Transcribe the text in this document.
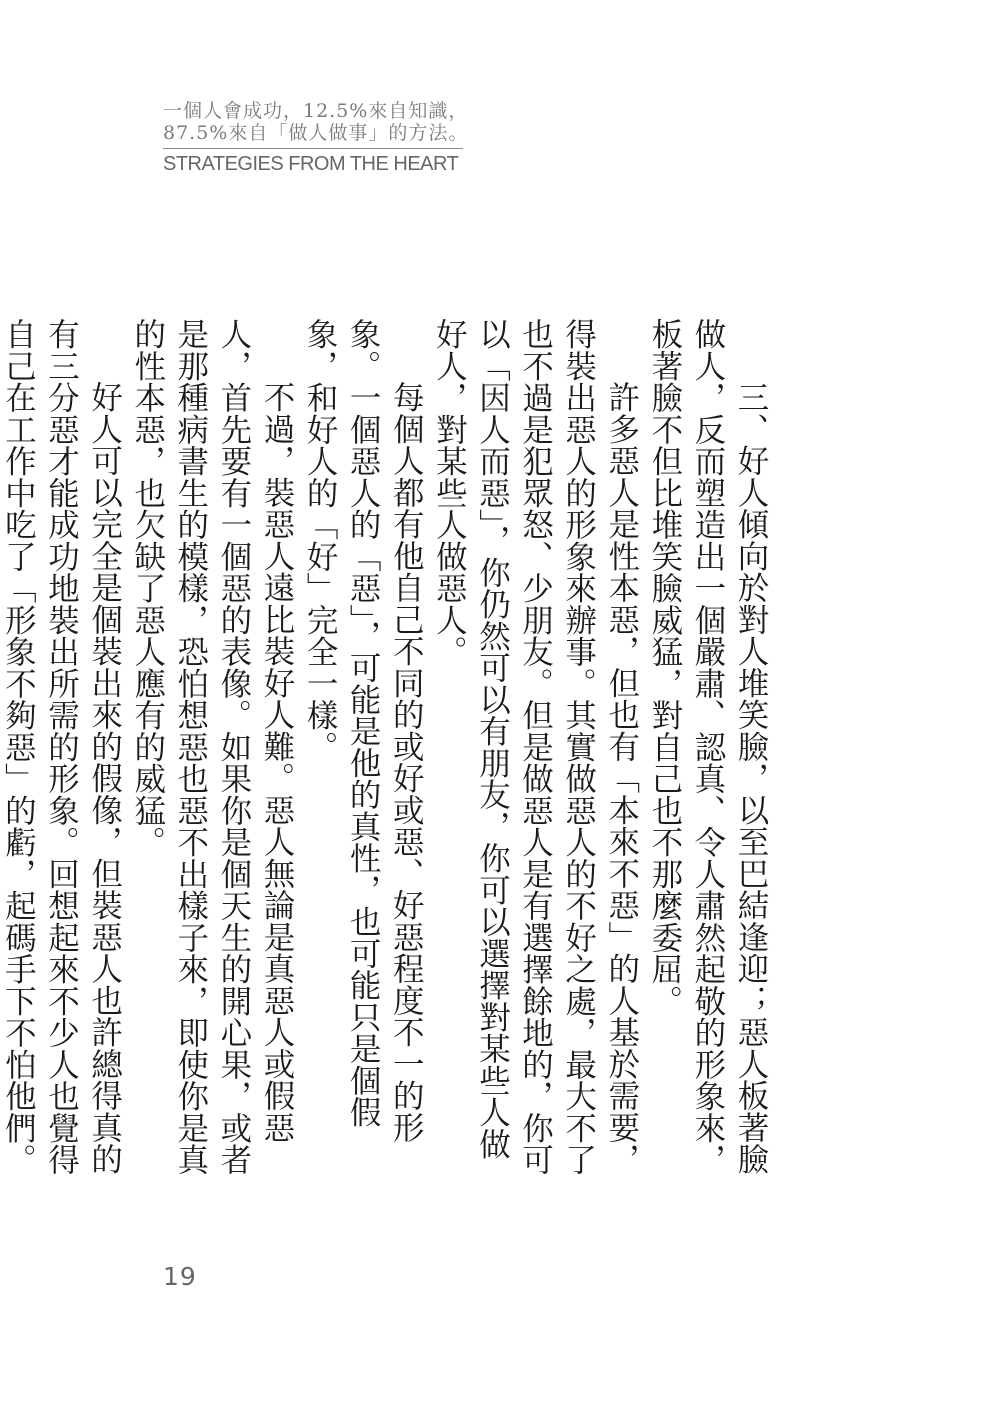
一個人會成功，12.5%來自知識，
87.5%來自「做人做事」的方法。
STRATEGIES FROM THE HEART

三、好人傾向於對人堆笑臉，以至巴結逢迎；惡人板著臉做人，反而塑造出一個嚴肅、認真、令人肅然起敬的形象來，板著臉不但比堆笑臉威猛，對自己也不那麼委屈。

許多惡人是性本惡，但也有「本來不惡」的人基於需要，得裝出惡人的形象來辦事。其實做惡人的不好之處，最大不了也不過是犯眾怒、少朋友。但是做惡人是有選擇餘地的，你可以「因人而惡」，你仍然可以有朋友，你可以選擇對某些人做好人，對某些人做惡人。

每個人都有他自己不同的或好或惡、好惡程度不一的形象。一個惡人的「惡」，可能是他的真性，也可能只是個假象，和好人的「好」完全一樣。

不過，裝惡人遠比裝好人難。惡人無論是真惡人或假惡人，首先要有一個惡的表像。如果你是個天生的開心果，或者是那種病書生的模樣，恐怕想惡也惡不出樣子來，即使你是真的性本惡，也欠缺了惡人應有的威猛。

好人可以完全是個裝出來的假像，但裝惡人也許總得真的有三分惡才能成功地裝出所需的形象。回想起來不少人也覺得自己在工作中吃了「形象不夠惡」的虧，起碼手下不怕他們。

19
